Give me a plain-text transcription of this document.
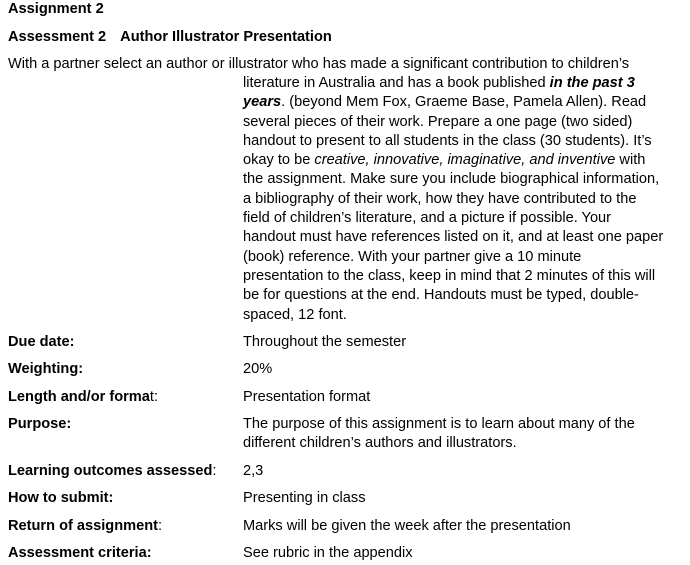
Assignment 2
Assessment 2 Author Illustrator Presentation
With a partner select an author or illustrator who has made a significant contribution to children’s
literature in Australia and has a book published in the past 3
years. (beyond Mem Fox, Graeme Base, Pamela Allen). Read
several pieces of their work. Prepare a one page (two sided)
handout to present to all students in the class (30 students). It’s
okay to be creative, innovative, imaginative, and inventive with
the assignment. Make sure you include biographical information,
a bibliography of their work, how they have contributed to the
field of children’s literature, and a picture if possible. Your
handout must have references listed on it, and at least one paper
(book) reference. With your partner give a 10 minute
presentation to the class, keep in mind that 2 minutes of this will
be for questions at the end. Handouts must be typed, double-
spaced, 12 font.
Due date:	Throughout the semester
Weighting:	20%
Length and/or format:	Presentation format
Purpose:	The purpose of this assignment is to learn about many of the
different children’s authors and illustrators.
Learning outcomes assessed: 2,3
How to submit:	Presenting in class
Return of assignment:	Marks will be given the week after the presentation
Assessment criteria:	See rubric in the appendix
